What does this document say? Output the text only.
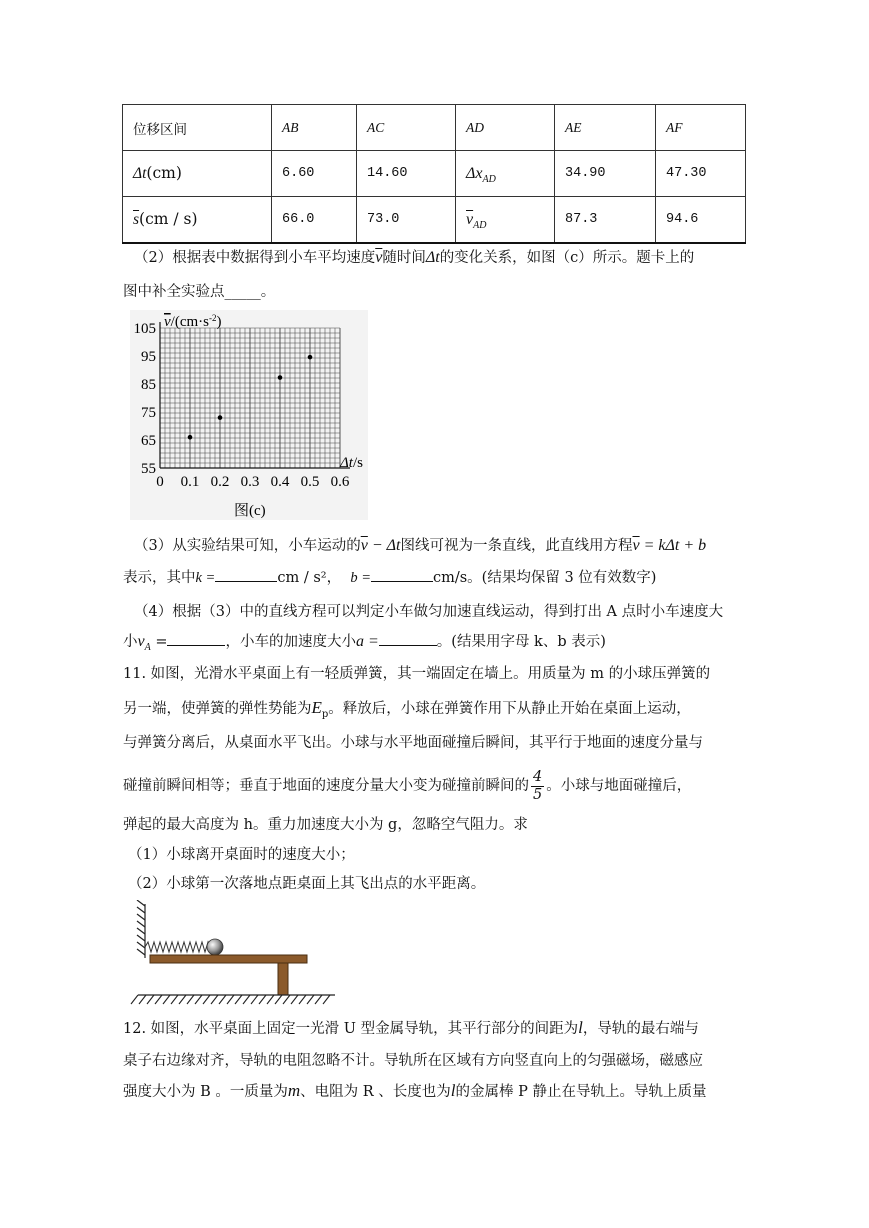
位移区间	AB	AC	AD	AE	AF
Δt(cm)	6.60	14.60	$\Delta x_{AD}$	34.90	47.30
$\overline{s}(cm / s)$	66.0	73.0	$\overline{v}_{AD}$	87.3	94.6
（2）根据表中数据得到小车平均速度$\overline{v}$随时间Δt的变化关系，如图（c）所示。题卡上的
图中补全实验点_____。
105
95
85
75
65
55
0 0.1 0.2 0.3 0.4 0.5 0.6
$v/(cm\cdot s^{-2})$
Δt/s
图(c)
（3）从实验结果可知，小车运动的$\overline{v} - \Delta t$图线可视为一条直线，此直线用方程$\overline{v} = k\Delta t + b$
表示，其中k =	cm / s²， b =	cm/s。(结果均保留 3 位有效数字)
（4）根据（3）中的直线方程可以判定小车做匀加速直线运动，得到打出 A 点时小车速度大
小$v_A$ =	，小车的加速度大小a =	。(结果用字母 k、b 表示)
11. 如图，光滑水平桌面上有一轻质弹簧，其一端固定在墙上。用质量为 m 的小球压弹簧的
另一端，使弹簧的弹性势能为$E_p$。释放后，小球在弹簧作用下从静止开始在桌面上运动，
与弹簧分离后，从桌面水平飞出。小球与水平地面碰撞后瞬间，其平行于地面的速度分量与
碰撞前瞬间相等；垂直于地面的速度分量大小变为碰撞前瞬间的 $\frac{4}{5}$ 。小球与地面碰撞后，
弹起的最大高度为 h。重力加速度大小为 g，忽略空气阻力。求
（1）小球离开桌面时的速度大小；
（2）小球第一次落地点距桌面上其飞出点的水平距离。
12. 如图，水平桌面上固定一光滑 U 型金属导轨，其平行部分的间距为l，导轨的最右端与
桌子右边缘对齐，导轨的电阻忽略不计。导轨所在区域有方向竖直向上的匀强磁场，磁感应
强度大小为 B 。一质量为m、电阻为 R 、长度也为l的金属棒 P 静止在导轨上。导轨上质量
